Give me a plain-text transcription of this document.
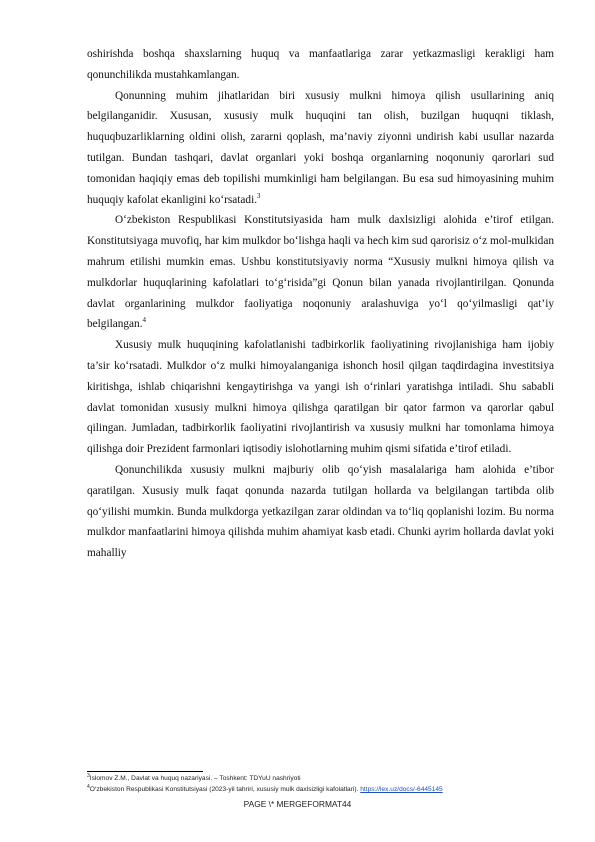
oshirishda boshqa shaxslarning huquq va manfaatlariga zarar yetkazmasligi kerakligi ham qonunchilikda mustahkamlangan.

Qonunning muhim jihatlaridan biri xususiy mulkni himoya qilish usullarining aniq belgilanganidir. Xususan, xususiy mulk huquqini tan olish, buzilgan huquqni tiklash, huquqbuzarliklarning oldini olish, zararni qoplash, ma’naviy ziyonni undirish kabi usullar nazarda tutilgan. Bundan tashqari, davlat organlari yoki boshqa organlarning noqonuniy qarorlari sud tomonidan haqiqiy emas deb topilishi mumkinligi ham belgilangan. Bu esa sud himoyasining muhim huquqiy kafolat ekanligini ko‘rsatadi.$^3$

O‘zbekiston Respublikasi Konstitutsiyasida ham mulk daxlsizligi alohida e’tirof etilgan. Konstitutsiyaga muvofiq, har kim mulkdor bo‘lishga haqli va hech kim sud qarorisiz o‘z mol-mulkidan mahrum etilishi mumkin emas. Ushbu konstitutsiyaviy norma “Xususiy mulkni himoya qilish va mulkdorlar huquqlarining kafolatlari to‘g‘risida”gi Qonun bilan yanada rivojlantirilgan. Qonunda davlat organlarining mulkdor faoliyatiga noqonuniy aralashuviga yo‘l qo‘yilmasligi qat’iy belgilangan.$^4$

Xususiy mulk huquqining kafolatlanishi tadbirkorlik faoliyatining rivojlanishiga ham ijobiy ta’sir ko‘rsatadi. Mulkdor o‘z mulki himoyalanganiga ishonch hosil qilgan taqdirdagina investitsiya kiritishga, ishlab chiqarishni kengaytirishga va yangi ish o‘rinlari yaratishga intiladi. Shu sababli davlat tomonidan xususiy mulkni himoya qilishga qaratilgan bir qator farmon va qarorlar qabul qilingan. Jumladan, tadbirkorlik faoliyatini rivojlantirish va xususiy mulkni har tomonlama himoya qilishga doir Prezident farmonlari iqtisodiy islohotlarning muhim qismi sifatida e’tirof etiladi.

Qonunchilikda xususiy mulkni majburiy olib qo‘yish masalalariga ham alohida e’tibor qaratilgan. Xususiy mulk faqat qonunda nazarda tutilgan hollarda va belgilangan tartibda olib qo‘yilishi mumkin. Bunda mulkdorga yetkazilgan zarar oldindan va to‘liq qoplanishi lozim. Bu norma mulkdor manfaatlarini himoya qilishda muhim ahamiyat kasb etadi. Chunki ayrim hollarda davlat yoki mahalliy

$^3$Islomov Z.M., Davlat va huquq nazariyasi. – Toshkent: TDYuU nashriyoti

$^4$O‘zbekiston Respublikasi Konstitutsiyasi (2023-yil tahriri, xususiy mulk daxlsizligi kafolatlari). https://lex.uz/docs/-6445145

PAGE \* MERGEFORMAT44
